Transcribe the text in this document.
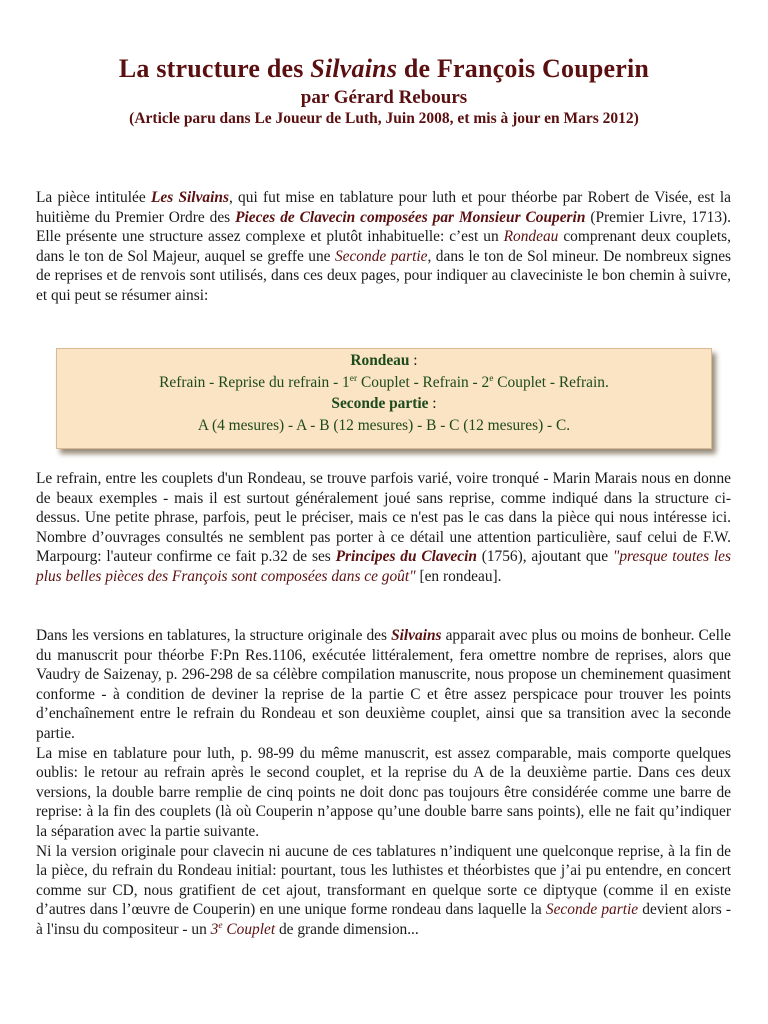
La structure des Silvains de François Couperin
par Gérard Rebours
(Article paru dans Le Joueur de Luth, Juin 2008, et mis à jour en Mars 2012)

La pièce intitulée Les Silvains, qui fut mise en tablature pour luth et pour théorbe par Robert de Visée, est la huitième du Premier Ordre des Pieces de Clavecin composées par Monsieur Couperin (Premier Livre, 1713). Elle présente une structure assez complexe et plutôt inhabituelle: c’est un Rondeau comprenant deux couplets, dans le ton de Sol Majeur, auquel se greffe une Seconde partie, dans le ton de Sol mineur. De nombreux signes de reprises et de renvois sont utilisés, dans ces deux pages, pour indiquer au claveciniste le bon chemin à suivre, et qui peut se résumer ainsi:

Rondeau :
Refrain - Reprise du refrain - 1er Couplet - Refrain - 2e Couplet - Refrain.
Seconde partie :
A (4 mesures) - A - B (12 mesures) - B - C (12 mesures) - C.

Le refrain, entre les couplets d'un Rondeau, se trouve parfois varié, voire tronqué - Marin Marais nous en donne de beaux exemples - mais il est surtout généralement joué sans reprise, comme indiqué dans la structure ci-dessus. Une petite phrase, parfois, peut le préciser, mais ce n'est pas le cas dans la pièce qui nous intéresse ici. Nombre d’ouvrages consultés ne semblent pas porter à ce détail une attention particulière, sauf celui de F.W. Marpourg: l'auteur confirme ce fait p.32 de ses Principes du Clavecin (1756), ajoutant que "presque toutes les plus belles pièces des François sont composées dans ce goût" [en rondeau].

Dans les versions en tablatures, la structure originale des Silvains apparait avec plus ou moins de bonheur. Celle du manuscrit pour théorbe F:Pn Res.1106, exécutée littéralement, fera omettre nombre de reprises, alors que Vaudry de Saizenay, p. 296-298 de sa célèbre compilation manuscrite, nous propose un cheminement quasiment conforme - à condition de deviner la reprise de la partie C et être assez perspicace pour trouver les points d’enchaînement entre le refrain du Rondeau et son deuxième couplet, ainsi que sa transition avec la seconde partie.

La mise en tablature pour luth, p. 98-99 du même manuscrit, est assez comparable, mais comporte quelques oublis: le retour au refrain après le second couplet, et la reprise du A de la deuxième partie. Dans ces deux versions, la double barre remplie de cinq points ne doit donc pas toujours être considérée comme une barre de reprise: à la fin des couplets (là où Couperin n’appose qu’une double barre sans points), elle ne fait qu’indiquer la séparation avec la partie suivante.

Ni la version originale pour clavecin ni aucune de ces tablatures n’indiquent une quelconque reprise, à la fin de la pièce, du refrain du Rondeau initial: pourtant, tous les luthistes et théorbistes que j’ai pu entendre, en concert comme sur CD, nous gratifient de cet ajout, transformant en quelque sorte ce diptyque (comme il en existe d’autres dans l’œuvre de Couperin) en une unique forme rondeau dans laquelle la Seconde partie devient alors - à l'insu du compositeur - un 3e Couplet de grande dimension...
